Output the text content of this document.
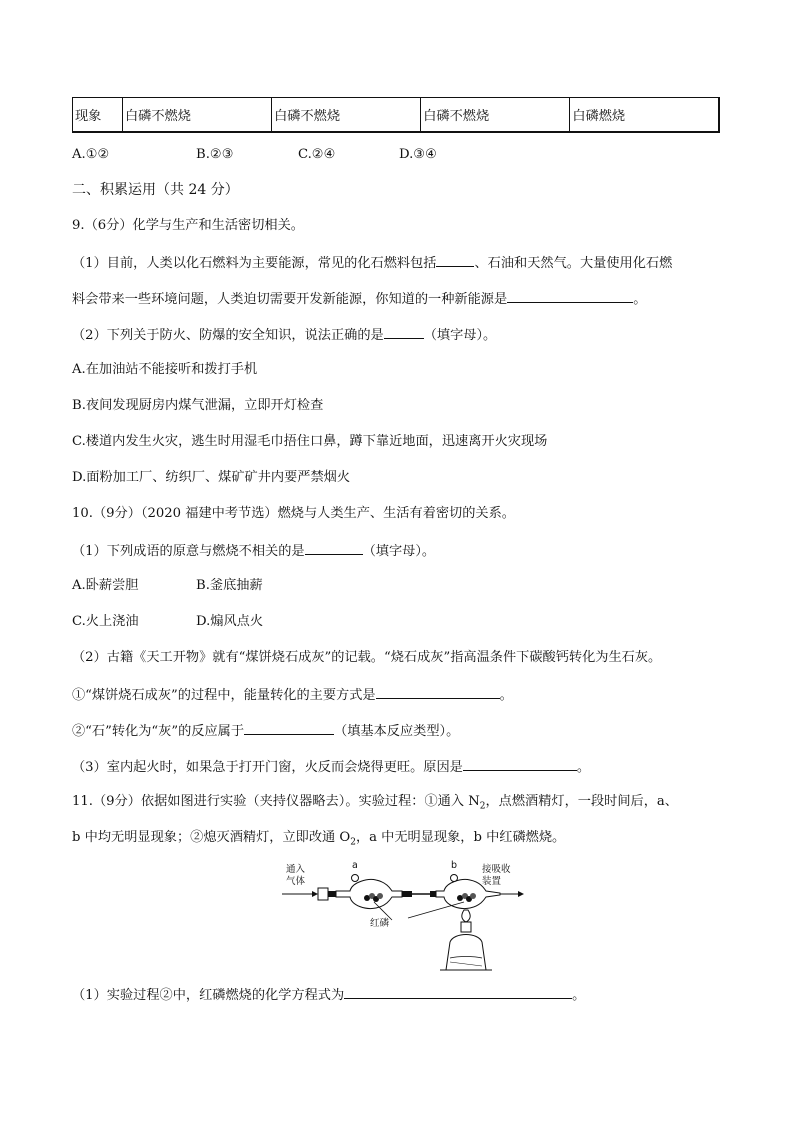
现象	白磷不燃烧	白磷不燃烧	白磷不燃烧	白磷燃烧
A.①②	B.②③	C.②④	D.③④
二、积累运用（共 24 分）
9.（6分）化学与生产和生活密切相关。
（1）目前，人类以化石燃料为主要能源，常见的化石燃料包括	、石油和天然气。大量使用化石燃
料会带来一些环境问题，人类迫切需要开发新能源，你知道的一种新能源是	。
（2）下列关于防火、防爆的安全知识，说法正确的是	（填字母）。
A.在加油站不能接听和拨打手机
B.夜间发现厨房内煤气泄漏，立即开灯检查
C.楼道内发生火灾，逃生时用湿毛巾捂住口鼻，蹲下靠近地面，迅速离开火灾现场
D.面粉加工厂、纺织厂、煤矿矿井内要严禁烟火
10.（9分）（2020 福建中考节选）燃烧与人类生产、生活有着密切的关系。
（1）下列成语的原意与燃烧不相关的是	（填字母）。
A.卧薪尝胆	B.釜底抽薪
C.火上浇油	D.煽风点火
（2）古籍《天工开物》就有“煤饼烧石成灰”的记载。“烧石成灰”指高温条件下碳酸钙转化为生石灰。
①“煤饼烧石成灰”的过程中，能量转化的主要方式是	。
②“石”转化为“灰”的反应属于	（填基本反应类型）。
（3）室内起火时，如果急于打开门窗，火反而会烧得更旺。原因是	。
11.（9分）依据如图进行实验（夹持仪器略去）。实验过程：①通入 $N_2$，点燃酒精灯，一段时间后，a、
b 中均无明显现象；②熄灭酒精灯，立即改通 $O_2$，a 中无明显现象，b 中红磷燃烧。
通入
气体
a	b	接吸收
装置
红磷
（1）实验过程②中，红磷燃烧的化学方程式为	。
